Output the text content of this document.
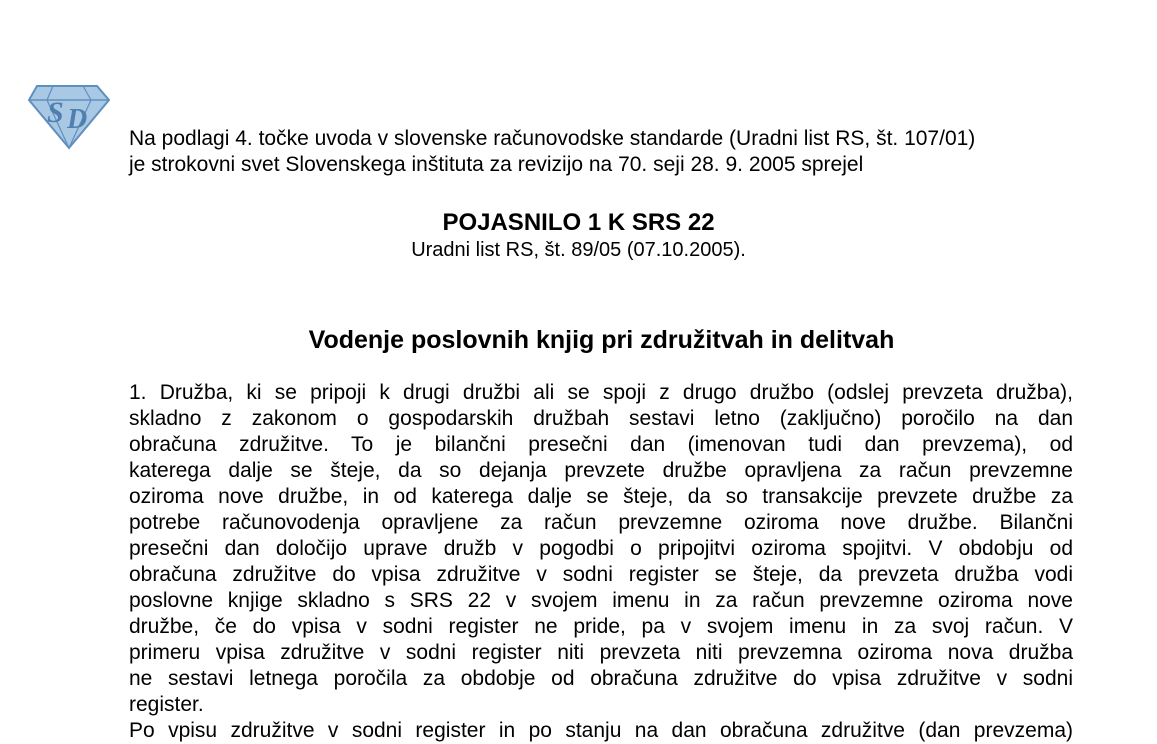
S D

Na podlagi 4. točke uvoda v slovenske računovodske standarde (Uradni list RS, št. 107/01)
je strokovni svet Slovenskega inštituta za revizijo na 70. seji 28. 9. 2005 sprejel

POJASNILO 1 K SRS 22

Uradni list RS, št. 89/05 (07.10.2005).

Vodenje poslovnih knjig pri združitvah in delitvah

1. Družba, ki se pripoji k drugi družbi ali se spoji z drugo družbo (odslej prevzeta družba),
skladno z zakonom o gospodarskih družbah sestavi letno (zaključno) poročilo na dan
obračuna združitve. To je bilančni presečni dan (imenovan tudi dan prevzema), od
katerega dalje se šteje, da so dejanja prevzete družbe opravljena za račun prevzemne
oziroma nove družbe, in od katerega dalje se šteje, da so transakcije prevzete družbe za
potrebe računovodenja opravljene za račun prevzemne oziroma nove družbe. Bilančni
presečni dan določijo uprave družb v pogodbi o pripojitvi oziroma spojitvi. V obdobju od
obračuna združitve do vpisa združitve v sodni register se šteje, da prevzeta družba vodi
poslovne knjige skladno s SRS 22 v svojem imenu in za račun prevzemne oziroma nove
družbe, če do vpisa v sodni register ne pride, pa v svojem imenu in za svoj račun. V
primeru vpisa združitve v sodni register niti prevzeta niti prevzemna oziroma nova družba
ne sestavi letnega poročila za obdobje od obračuna združitve do vpisa združitve v sodni
register.

Po vpisu združitve v sodni register in po stanju na dan obračuna združitve (dan prevzema)
